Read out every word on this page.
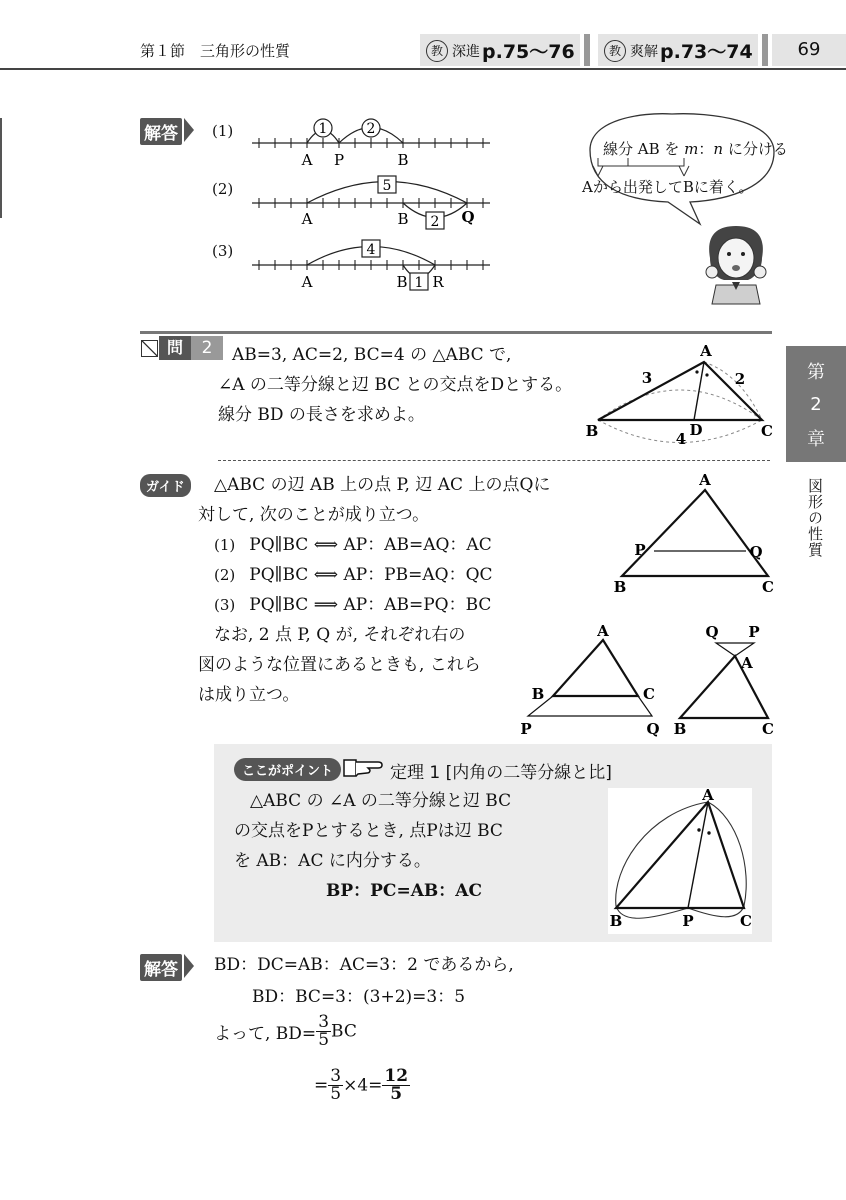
第１節　三角形の性質	教 深進 p.75〜76	教 爽解 p.73〜74	69
第
2
章
図形の性質
解答 (1)
(2)
(3)
1	2
A P	B
5
2
A	B	Q
4
1
A	B R
線分 AB を m：n に分ける
Aから出発してBに着く。
問	2	AB=3, AC=2, BC=4 の △ABC で,
∠A の二等分線と辺 BC との交点をDとする。
線分 BD の長さを求めよ。
A
B	C
D
3	2
4
ガイド	△ABC の辺 AB 上の点 P, 辺 AC 上の点Qに
対して, 次のことが成り立つ。
(1) PQ∥BC ⟺ AP：AB=AQ：AC
(2) PQ∥BC ⟺ AP：PB=AQ：QC
(3) PQ∥BC ⟹ AP：AB=PQ：BC
なお, 2 点 P, Q が, それぞれ右の
図のような位置にあるときも, これら
は成り立つ。
A
P	Q
B	C
A
B	C
P	Q
Q P
A
B	C
ここがポイント	定理 1 [内角の二等分線と比]
△ABC の ∠A の二等分線と辺 BC
の交点をPとするとき, 点Pは辺 BC
を AB：AC に内分する。
BP：PC=AB：AC
A
B	P	C
解答 BD：DC=AB：AC=3：2 であるから,
BD：BC=3：(3+2)=3：5
よって, $BD= \frac{3}{5}$ BC
= $\frac{3}{5} \times 4= \frac{12}{5}$
